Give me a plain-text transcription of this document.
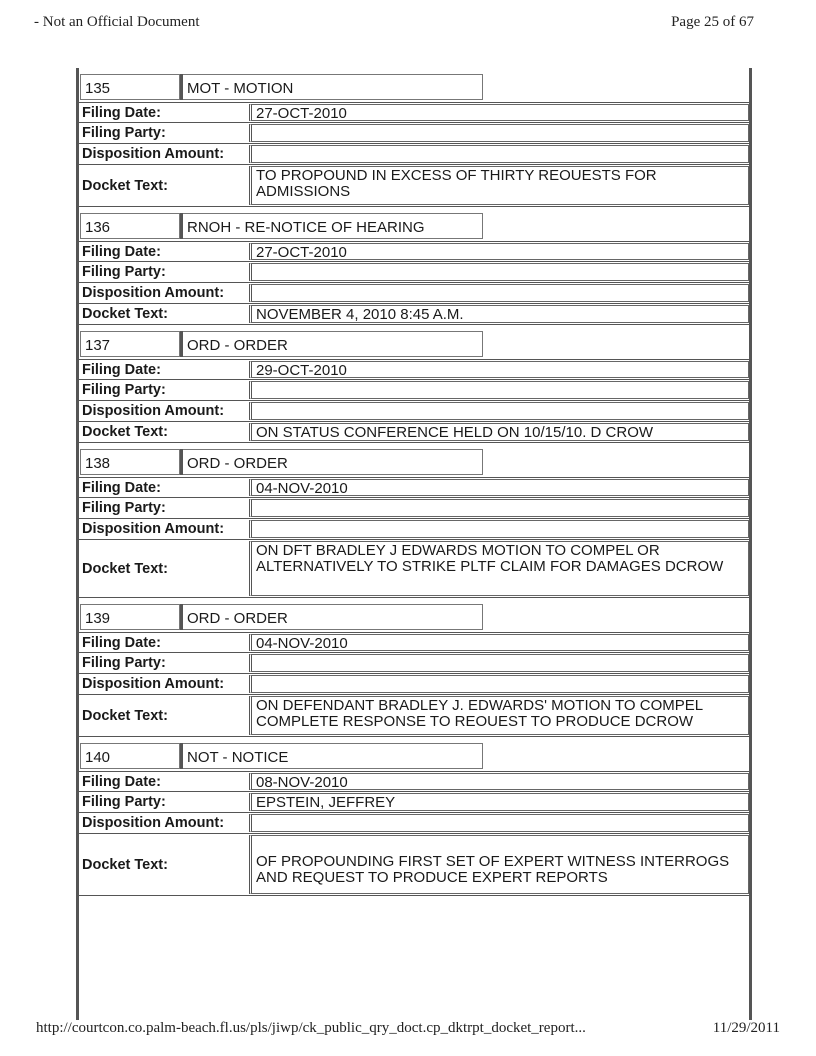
- Not an Official Document	Page 25 of 67
135	MOT - MOTION
Filing Date:	27-OCT-2010
Filing Party:
Disposition Amount:
Docket Text:
TO PROPOUND IN EXCESS OF THIRTY REOUESTS FOR ADMISSIONS
136	RNOH - RE-NOTICE OF HEARING
Filing Date:	27-OCT-2010
Filing Party:
Disposition Amount:
Docket Text:	NOVEMBER 4, 2010 8:45 A.M.
137	ORD - ORDER
Filing Date:	29-OCT-2010
Filing Party:
Disposition Amount:
Docket Text:	ON STATUS CONFERENCE HELD ON 10/15/10. D CROW
138	ORD - ORDER
Filing Date:	04-NOV-2010
Filing Party:
Disposition Amount:
Docket Text:
ON DFT BRADLEY J EDWARDS MOTION TO COMPEL OR ALTERNATIVELY TO STRIKE PLTF CLAIM FOR DAMAGES DCROW
139	ORD - ORDER
Filing Date:	04-NOV-2010
Filing Party:
Disposition Amount:
Docket Text:
ON DEFENDANT BRADLEY J. EDWARDS' MOTION TO COMPEL COMPLETE RESPONSE TO REOUEST TO PRODUCE DCROW
140	NOT - NOTICE
Filing Date:	08-NOV-2010
Filing Party:	EPSTEIN, JEFFREY
Disposition Amount:
Docket Text:	OF PROPOUNDING FIRST SET OF EXPERT WITNESS INTERROGS AND REQUEST TO PRODUCE EXPERT REPORTS
http://courtcon.co.palm-beach.fl.us/pls/jiwp/ck_public_qry_doct.cp_dktrpt_docket_report...	11/29/2011
